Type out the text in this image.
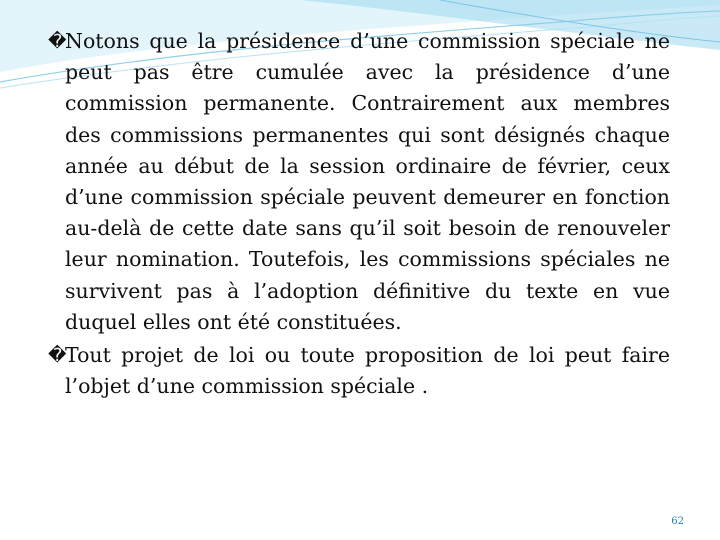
�
Notons que la présidence d’une commission spéciale ne peut pas être cumulée avec la présidence d’une commission permanente. Contrairement aux membres des commissions permanentes qui sont désignés chaque année au début de la session ordinaire de février, ceux d’une commission spéciale peuvent demeurer en fonction au-delà de cette date sans qu’il soit besoin de renouveler leur nomination. Toutefois, les commissions spéciales ne survivent pas à l’adoption définitive du texte en vue duquel elles ont été constituées.
�
Tout projet de loi ou toute proposition de loi peut faire l’objet d’une commission spéciale .
62
